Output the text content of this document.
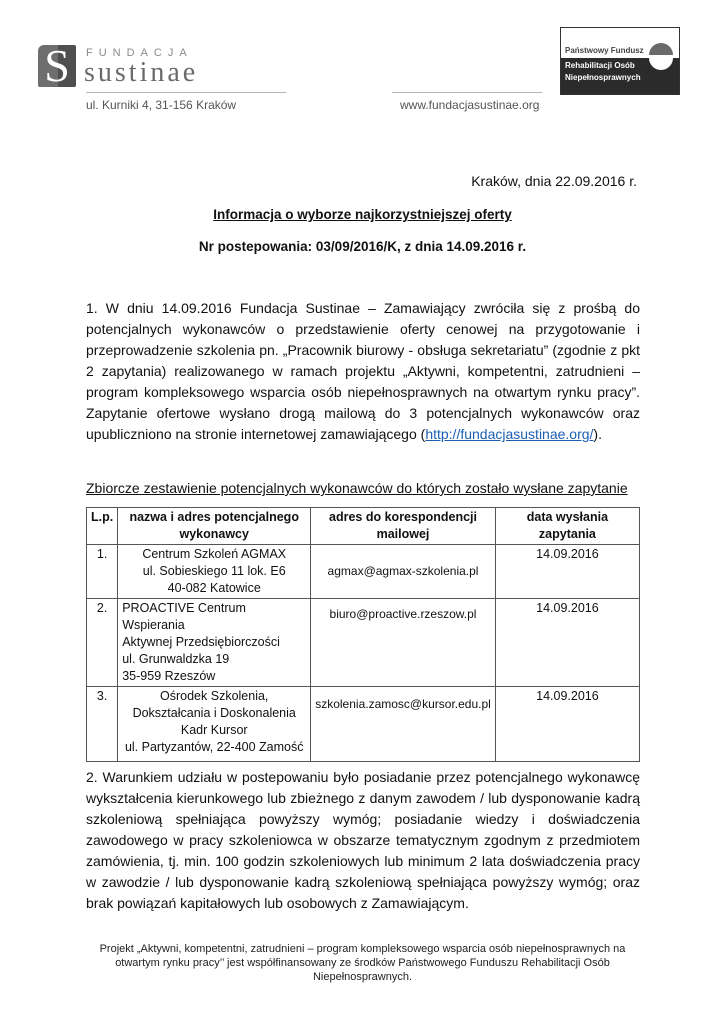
S	FUNDACJA
sustinae
ul. Kurniki 4, 31-156 Kraków	www.fundacjasustinae.org
Państwowy Fundusz
Rehabilitacji Osób
Niepełnosprawnych
Kraków, dnia 22.09.2016 r.
Informacja o wyborze najkorzystniejszej oferty
Nr postepowania: 03/09/2016/K, z dnia 14.09.2016 r.
1. W dniu 14.09.2016 Fundacja Sustinae – Zamawiający zwróciła się z prośbą do potencjalnych wykonawców o przedstawienie oferty cenowej na przygotowanie i przeprowadzenie szkolenia pn. „Pracownik biurowy - obsługa sekretariatu” (zgodnie z pkt 2 zapytania) realizowanego w ramach projektu „Aktywni, kompetentni, zatrudnieni – program kompleksowego wsparcia osób niepełnosprawnych na otwartym rynku pracy”. Zapytanie ofertowe wysłano drogą mailową do 3 potencjalnych wykonawców oraz upubliczniono na stronie internetowej zamawiającego (http://fundacjasustinae.org/).
Zbiorcze zestawienie potencjalnych wykonawców do których zostało wysłane zapytanie
L.p.	nazwa i adres potencjalnego wykonawcy	adres do korespondencji mailowej	data wysłania zapytania
1.	Centrum Szkoleń AGMAX
ul. Sobieskiego 11 lok. E6
40-082 Katowice	agmax@agmax-szkolenia.pl	14.09.2016
2.	PROACTIVE Centrum Wspierania
Aktywnej Przedsiębiorczości
ul. Grunwaldzka 19
35-959 Rzeszów	biuro@proactive.rzeszow.pl	14.09.2016
3.	Ośrodek Szkolenia,
Dokształcania i Doskonalenia
Kadr Kursor
ul. Partyzantów, 22-400 Zamość	szkolenia.zamosc@kursor.edu.pl	14.09.2016
2. Warunkiem udziału w postepowaniu było posiadanie przez potencjalnego wykonawcę wykształcenia kierunkowego lub zbieżnego z danym zawodem / lub dysponowanie kadrą szkoleniową spełniająca powyższy wymóg; posiadanie wiedzy i doświadczenia zawodowego w pracy szkoleniowca w obszarze tematycznym zgodnym z przedmiotem zamówienia, tj. min. 100 godzin szkoleniowych lub minimum 2 lata doświadczenia pracy w zawodzie / lub dysponowanie kadrą szkoleniową spełniająca powyższy wymóg; oraz brak powiązań kapitałowych lub osobowych z Zamawiającym.
Projekt „Aktywni, kompetentni, zatrudnieni – program kompleksowego wsparcia osób niepełnosprawnych na otwartym rynku pracy’’ jest współfinansowany ze środków Państwowego Funduszu Rehabilitacji Osób Niepełnosprawnych.
